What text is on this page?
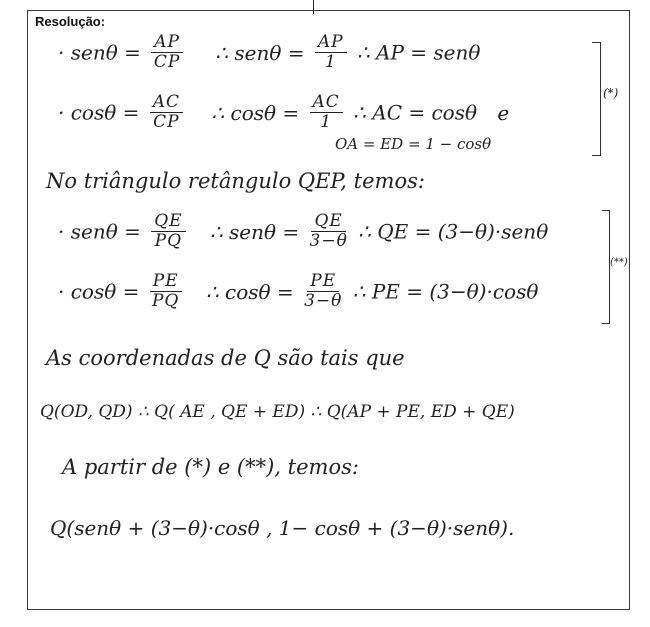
Resolução:
· $sen\theta = \frac{AP}{CP}$ ∴ $sen\theta = \frac{AP}{1}$ ∴ AP = senθ
· $\cos\theta = \frac{AC}{CP}$ ∴ $\cos\theta = \frac{AC}{1}$ ∴ AC = cosθ e
OA = ED = 1 − cosθ
(*)
No triângulo retângulo QEP, temos:
· $sen\theta = \frac{QE}{PQ}$ ∴ $sen\theta = \frac{QE}{3-\theta}$ ∴ QE = (3−θ)·senθ
· $\cos\theta = \frac{PE}{PQ}$ ∴ $\cos\theta = \frac{PE}{3-\theta}$ ∴ PE = (3−θ)·cosθ
(**)
As coordenadas de Q são tais que
Q(OD, QD) ∴ Q( AE , QE + ED) ∴ Q(AP + PE, ED + QE)
A partir de (*) e (**), temos:
Q(senθ + (3−θ)·cosθ , 1− cosθ + (3−θ)·senθ).
